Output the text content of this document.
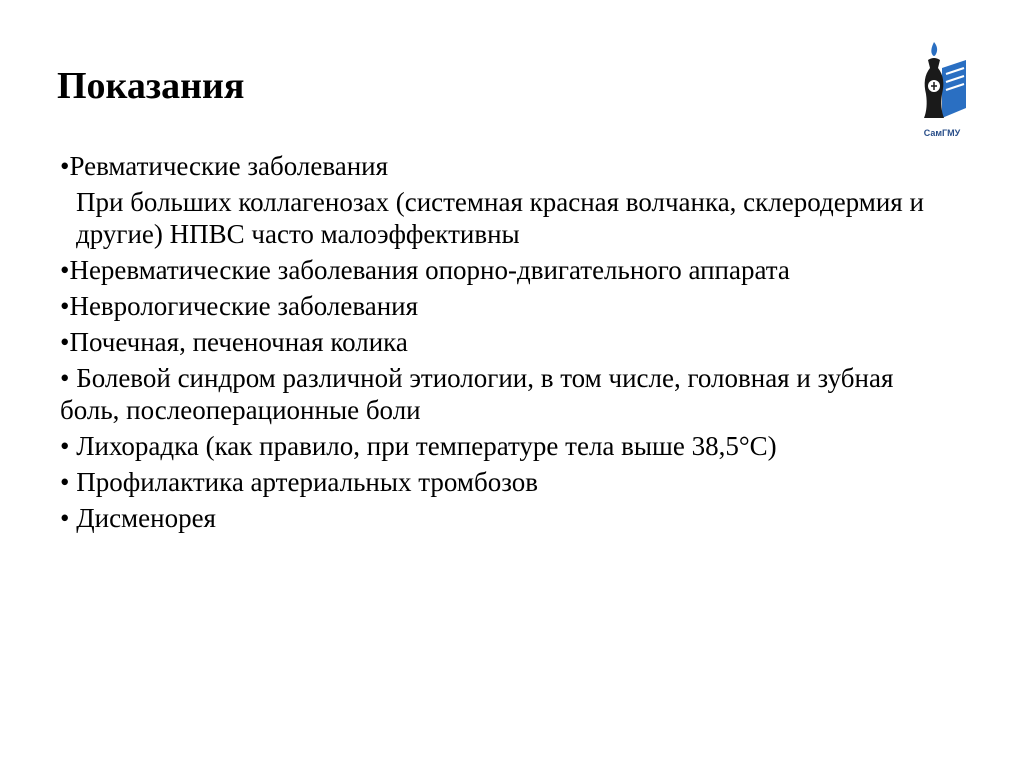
Показания
СамГМУ
•Ревматические заболевания
При больших коллагенозах (системная красная волчанка, склеродермия и другие) НПВС часто малоэффективны
•Неревматические заболевания опорно-двигательного аппарата
•Неврологические заболевания
•Почечная, печеночная колика
• Болевой синдром различной этиологии, в том числе, головная и зубная боль, послеоперационные боли
• Лихорадка (как правило, при температуре тела выше 38,5°С)
• Профилактика артериальных тромбозов
• Дисменорея
